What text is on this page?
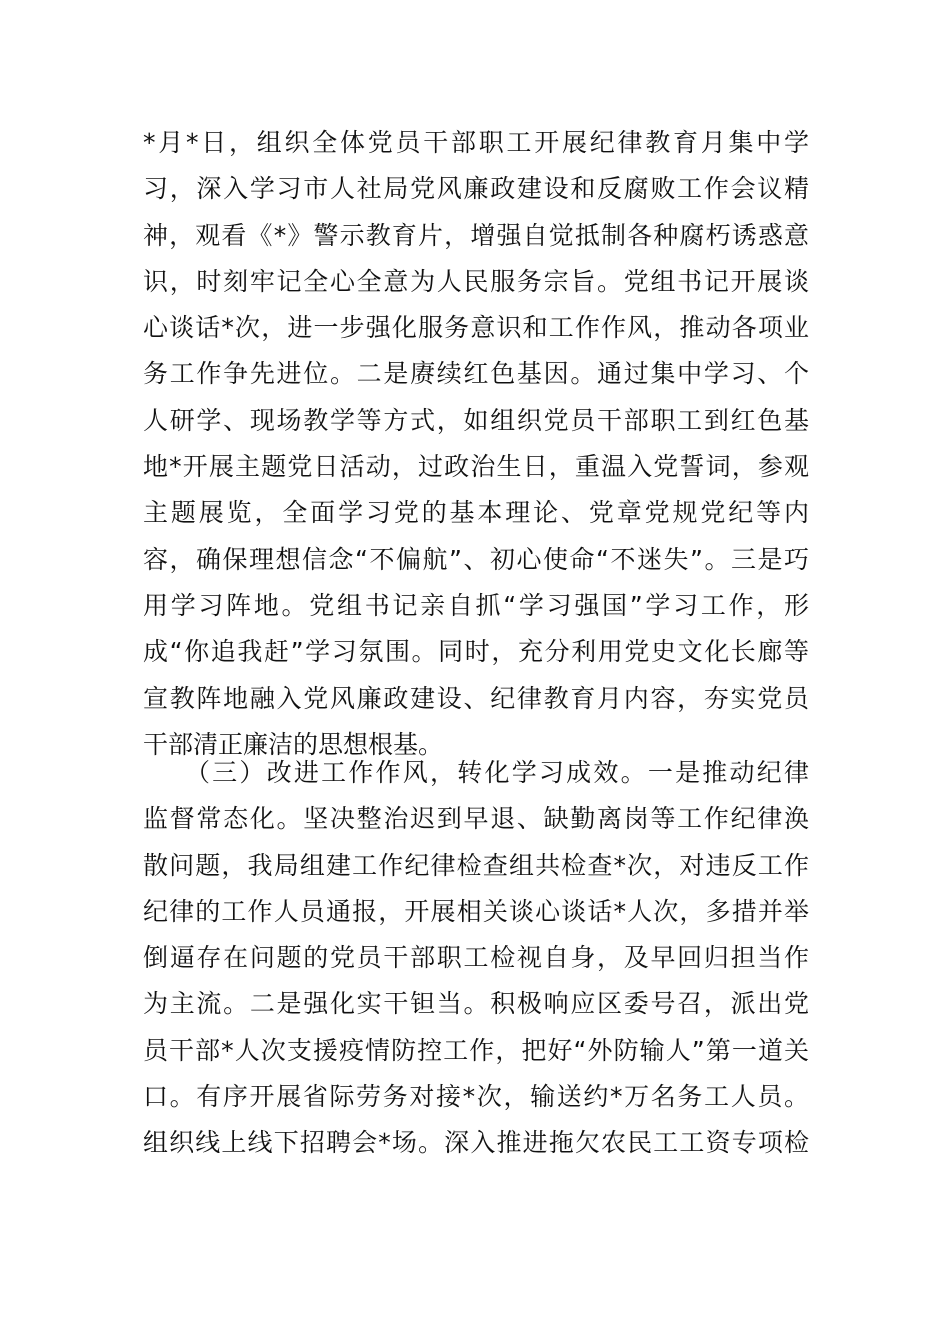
*月*日，组织全体党员干部职工开展纪律教育月集中学
习，深入学习市人社局党风廉政建设和反腐败工作会议精
神，观看《*》警示教育片，增强自觉抵制各种腐朽诱惑意
识，时刻牢记全心全意为人民服务宗旨。党组书记开展谈
心谈话*次，进一步强化服务意识和工作作风，推动各项业
务工作争先进位。二是赓续红色基因。通过集中学习、个
人研学、现场教学等方式，如组织党员干部职工到红色基
地*开展主题党日活动，过政治生日，重温入党誓词，参观
主题展览，全面学习党的基本理论、党章党规党纪等内
容，确保理想信念“不偏航”、初心使命“不迷失”。三是巧
用学习阵地。党组书记亲自抓“学习强国”学习工作，形
成“你追我赶”学习氛围。同时，充分利用党史文化长廊等
宣教阵地融入党风廉政建设、纪律教育月内容，夯实党员
干部清正廉洁的思想根基。
　　（三）改进工作作风，转化学习成效。一是推动纪律
监督常态化。坚决整治迟到早退、缺勤离岗等工作纪律涣
散问题，我局组建工作纪律检查组共检查*次，对违反工作
纪律的工作人员通报，开展相关谈心谈话*人次，多措并举
倒逼存在问题的党员干部职工检视自身，及早回归担当作
为主流。二是强化实干钽当。积极响应区委号召，派出党
员干部*人次支援疫情防控工作，把好“外防输人”第一道关
口。有序开展省际劳务对接*次，输送约*万名务工人员。
组织线上线下招聘会*场。深入推进拖欠农民工工资专项检
